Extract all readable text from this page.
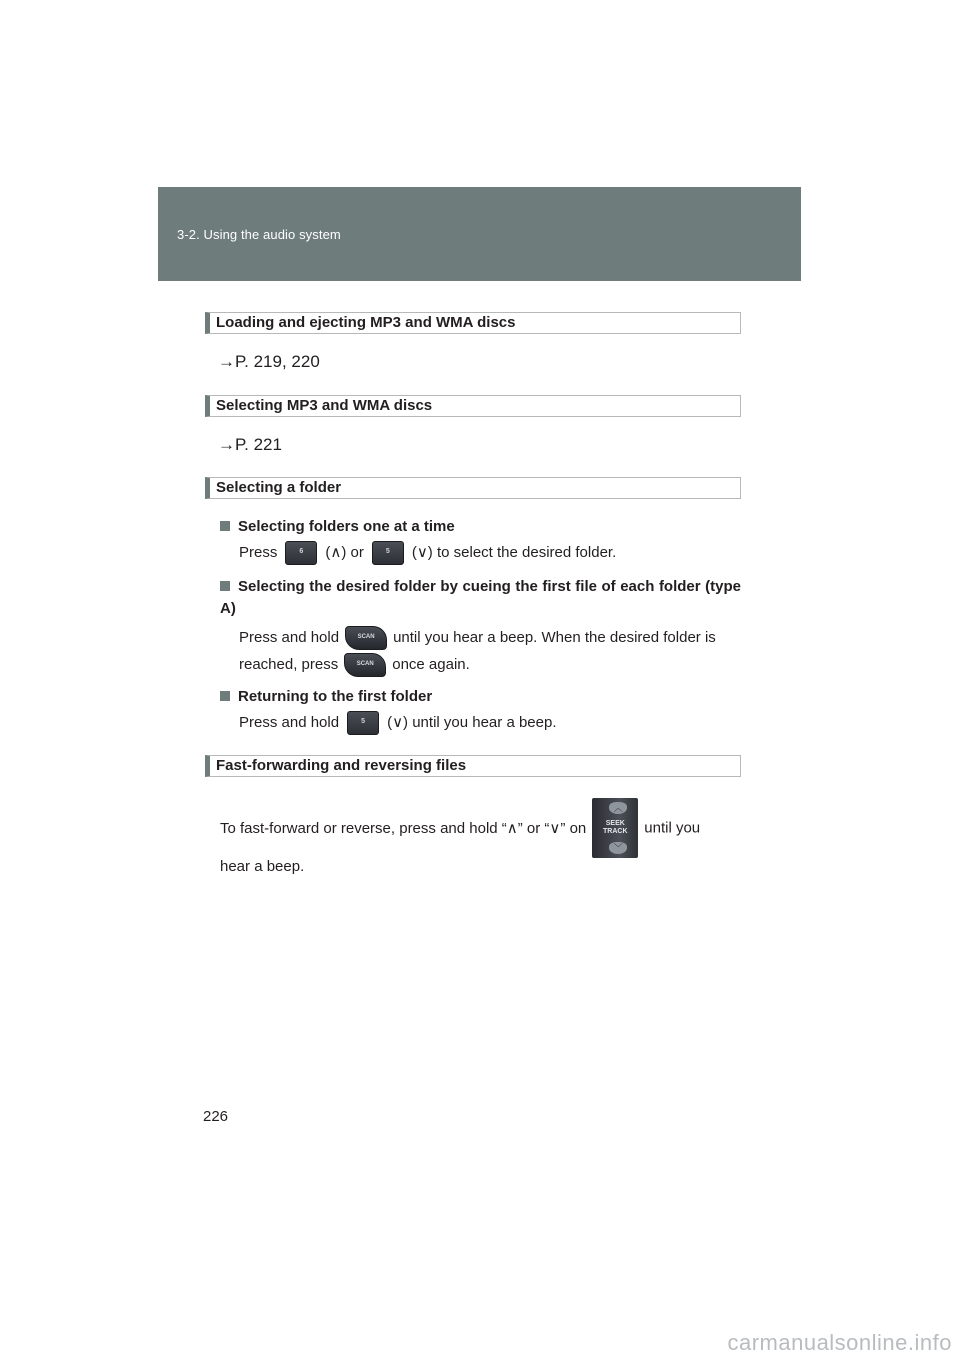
3-2. Using the audio system
Loading and ejecting MP3 and WMA discs
→P. 219, 220
Selecting MP3 and WMA discs
→P. 221
Selecting a folder
Selecting folders one at a time
Press	6	(∧) or	5	(∨) to select the desired folder.
Selecting the desired folder by cueing the first file of each folder (type A)
Press and hold	SCAN	until you hear a beep. When the desired folder is
reached, press	SCAN	once again.
Returning to the first folder
Press and hold	5	(∨) until you hear a beep.
Fast-forwarding and reversing files
To fast-forward or reverse, press and hold “∧” or “∨” on
︿
SEEK
TRACK
﹀
until you
hear a beep.
226
carmanualsonline.info
